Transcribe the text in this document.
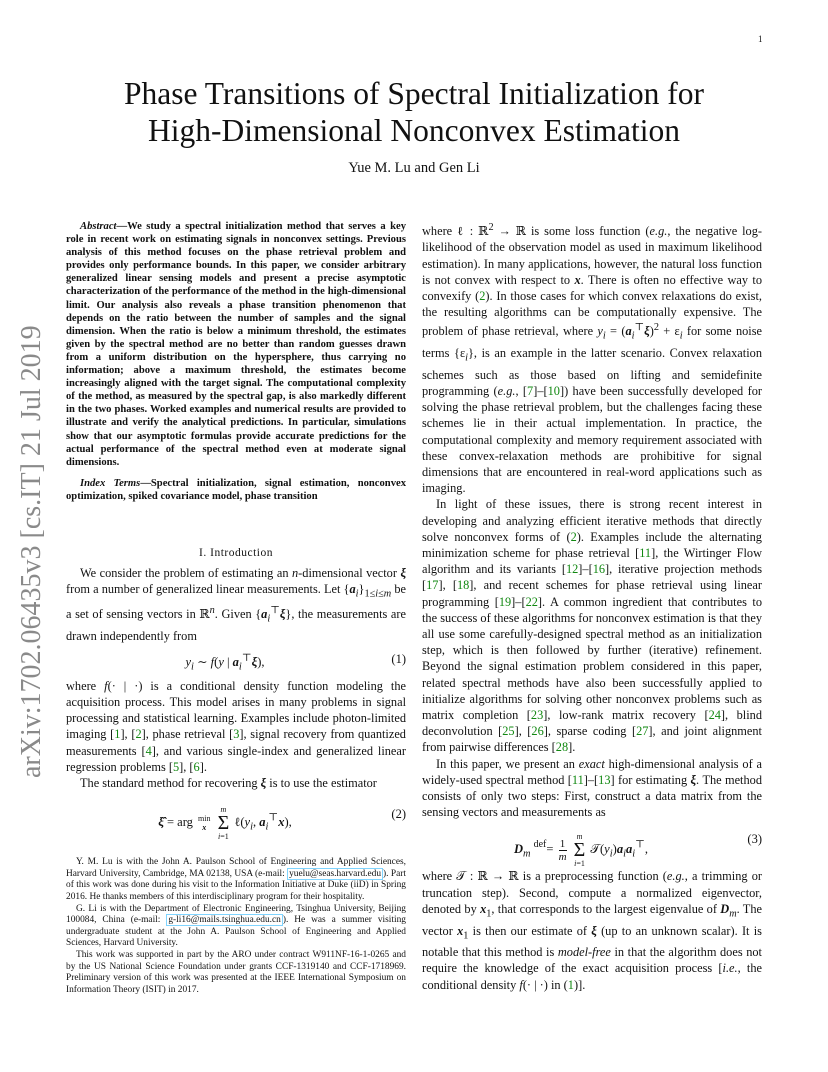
1
arXiv:1702.06435v3 [cs.IT] 21 Jul 2019
Phase Transitions of Spectral Initialization for
High-Dimensional Nonconvex Estimation
Yue M. Lu and Gen Li

Abstract—We study a spectral initialization method that serves a key role in recent work on estimating signals in nonconvex settings. Previous analysis of this method focuses on the phase retrieval problem and provides only performance bounds. In this paper, we consider arbitrary generalized linear sensing models and present a precise asymptotic characterization of the performance of the method in the high-dimensional limit. Our analysis also reveals a phase transition phenomenon that depends on the ratio between the number of samples and the signal dimension. When the ratio is below a minimum threshold, the estimates given by the spectral method are no better than random guesses drawn from a uniform distribution on the hypersphere, thus carrying no information; above a maximum threshold, the estimates become increasingly aligned with the target signal. The computational complexity of the method, as measured by the spectral gap, is also markedly different in the two phases. Worked examples and numerical results are provided to illustrate and verify the analytical predictions. In particular, simulations show that our asymptotic formulas provide accurate predictions for the actual performance of the spectral method even at moderate signal dimensions.

Index Terms—Spectral initialization, signal estimation, nonconvex optimization, spiked covariance model, phase transition

I. Introduction

We consider the problem of estimating an n-dimensional vector ξ from a number of generalized linear measurements. Let $\{a_i\}_{1\le i\le m}$ be a set of sensing vectors in ℝ$^n$. Given $\{a_i^⊤\xi\}$, the measurements are drawn independently from

$y_i$ ∼ f(y | $a_i^⊤\xi$),	(1)

where f(· | ·) is a conditional density function modeling the acquisition process. This model arises in many problems in signal processing and statistical learning. Examples include photon-limited imaging [1], [2], phase retrieval [3], signal recovery from quantized measurements [4], and various single-index and generalized linear regression problems [5], [6].

The standard method for recovering ξ is to use the estimator

ξ̂ = arg min
x m
Σ
i=1 $\ell(y_i$, $a_i^⊤x$),
(2)

Y. M. Lu is with the John A. Paulson School of Engineering and Applied Sciences, Harvard University, Cambridge, MA 02138, USA (e-mail: yuelu@seas.harvard.edu ). Part of this work was done during his visit to the Information Initiative at Duke (iiD) in Spring 2016. He thanks members of this interdisciplinary program for their hospitality.

G. Li is with the Department of Electronic Engineering, Tsinghua University, Beijing 100084, China (e-mail: g-li16@mails.tsinghua.edu.cn ). He was a summer visiting undergraduate student at the John A. Paulson School of Engineering and Applied Sciences, Harvard University.

This work was supported in part by the ARO under contract W911NF-16-1-0265 and by the US National Science Foundation under grants CCF-1319140 and CCF-1718969. Preliminary version of this work was presented at the IEEE International Symposium on Information Theory (ISIT) in 2017.

where ℓ : ℝ$^2$ → ℝ is some loss function (e.g., the negative log-likelihood of the observation model as used in maximum likelihood estimation). In many applications, however, the natural loss function is not convex with respect to x. There is often no effective way to convexify (2). In those cases for which convex relaxations do exist, the resulting algorithms can be computationally expensive. The problem of phase retrieval, where $y_i = (a_i^⊤\xi)^2 + \varepsilon_i$ for some noise terms $\{\varepsilon_i\}$, is an example in the latter scenario. Convex relaxation schemes such as those based on lifting and semidefinite programming (e.g., [7]–[10]) have been successfully developed for solving the phase retrieval problem, but the challenges facing these schemes lie in their actual implementation. In practice, the computational complexity and memory requirement associated with these convex-relaxation methods are prohibitive for signal dimensions that are encountered in real-word applications such as imaging.

In light of these issues, there is strong recent interest in developing and analyzing efficient iterative methods that directly solve nonconvex forms of (2). Examples include the alternating minimization scheme for phase retrieval [11], the Wirtinger Flow algorithm and its variants [12]–[16], iterative projection methods [17], [18], and recent schemes for phase retrieval using linear programming [19]–[22]. A common ingredient that contributes to the success of these algorithms for nonconvex estimation is that they all use some carefully-designed spectral method as an initialization step, which is then followed by further (iterative) refinement. Beyond the signal estimation problem considered in this paper, related spectral methods have also been successfully applied to initialize algorithms for solving other nonconvex problems such as matrix completion [23], low-rank matrix recovery [24], blind deconvolution [25], [26], sparse coding [27], and joint alignment from pairwise differences [28].

In this paper, we present an exact high-dimensional analysis of a widely-used spectral method [11]–[13] for estimating ξ. The method consists of only two steps: First, construct a data matrix from the sensing vectors and measurements as

$D_m$ $^{def}= \frac{1}{m}$ m
Σ
i=1 $𝒯(y_i)a_ia_i^⊤$,
(3)

where 𝒯 : ℝ → ℝ is a preprocessing function (e.g., a trimming or truncation step). Second, compute a normalized eigenvector, denoted by $x_1$, that corresponds to the largest eigenvalue of $D_m$. The vector $x_1$ is then our estimate of ξ (up to an unknown scalar). It is notable that this method is model-free in that the algorithm does not require the knowledge of the exact acquisition process [i.e., the conditional density f(· | ·) in (1)].
